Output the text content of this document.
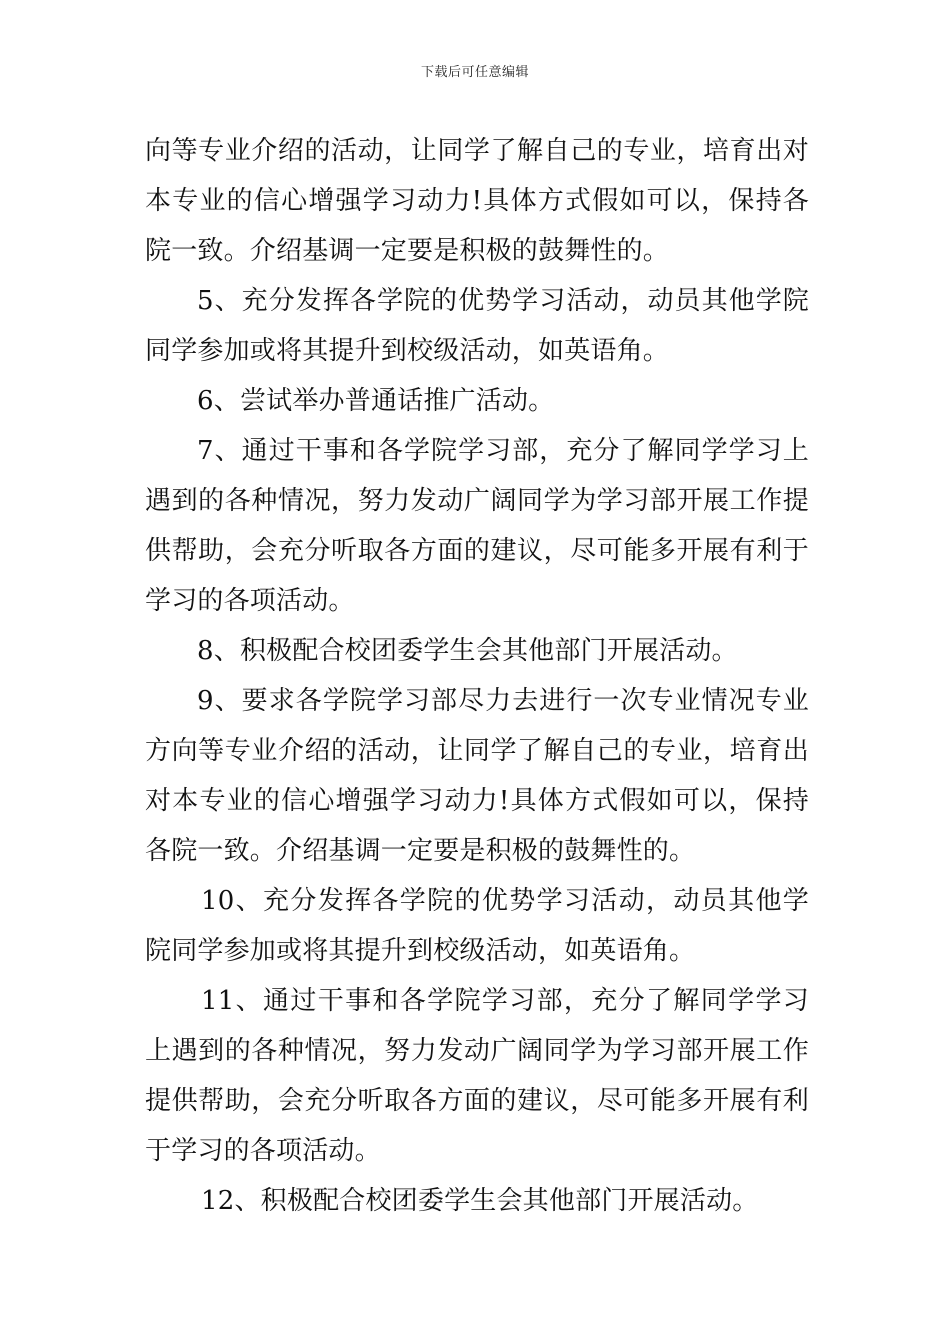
下载后可任意编辑

向等专业介绍的活动，让同学了解自己的专业，培育出对本专业的信心增强学习动力!具体方式假如可以，保持各院一致。介绍基调一定要是积极的鼓舞性的。

5、充分发挥各学院的优势学习活动，动员其他学院同学参加或将其提升到校级活动，如英语角。

6、尝试举办普通话推广活动。

7、通过干事和各学院学习部，充分了解同学学习上遇到的各种情况，努力发动广阔同学为学习部开展工作提供帮助，会充分听取各方面的建议，尽可能多开展有利于学习的各项活动。

8、积极配合校团委学生会其他部门开展活动。

9、要求各学院学习部尽力去进行一次专业情况专业方向等专业介绍的活动，让同学了解自己的专业，培育出对本专业的信心增强学习动力!具体方式假如可以，保持各院一致。介绍基调一定要是积极的鼓舞性的。

10、充分发挥各学院的优势学习活动，动员其他学院同学参加或将其提升到校级活动，如英语角。

11、通过干事和各学院学习部，充分了解同学学习上遇到的各种情况，努力发动广阔同学为学习部开展工作提供帮助，会充分听取各方面的建议，尽可能多开展有利于学习的各项活动。

12、积极配合校团委学生会其他部门开展活动。
